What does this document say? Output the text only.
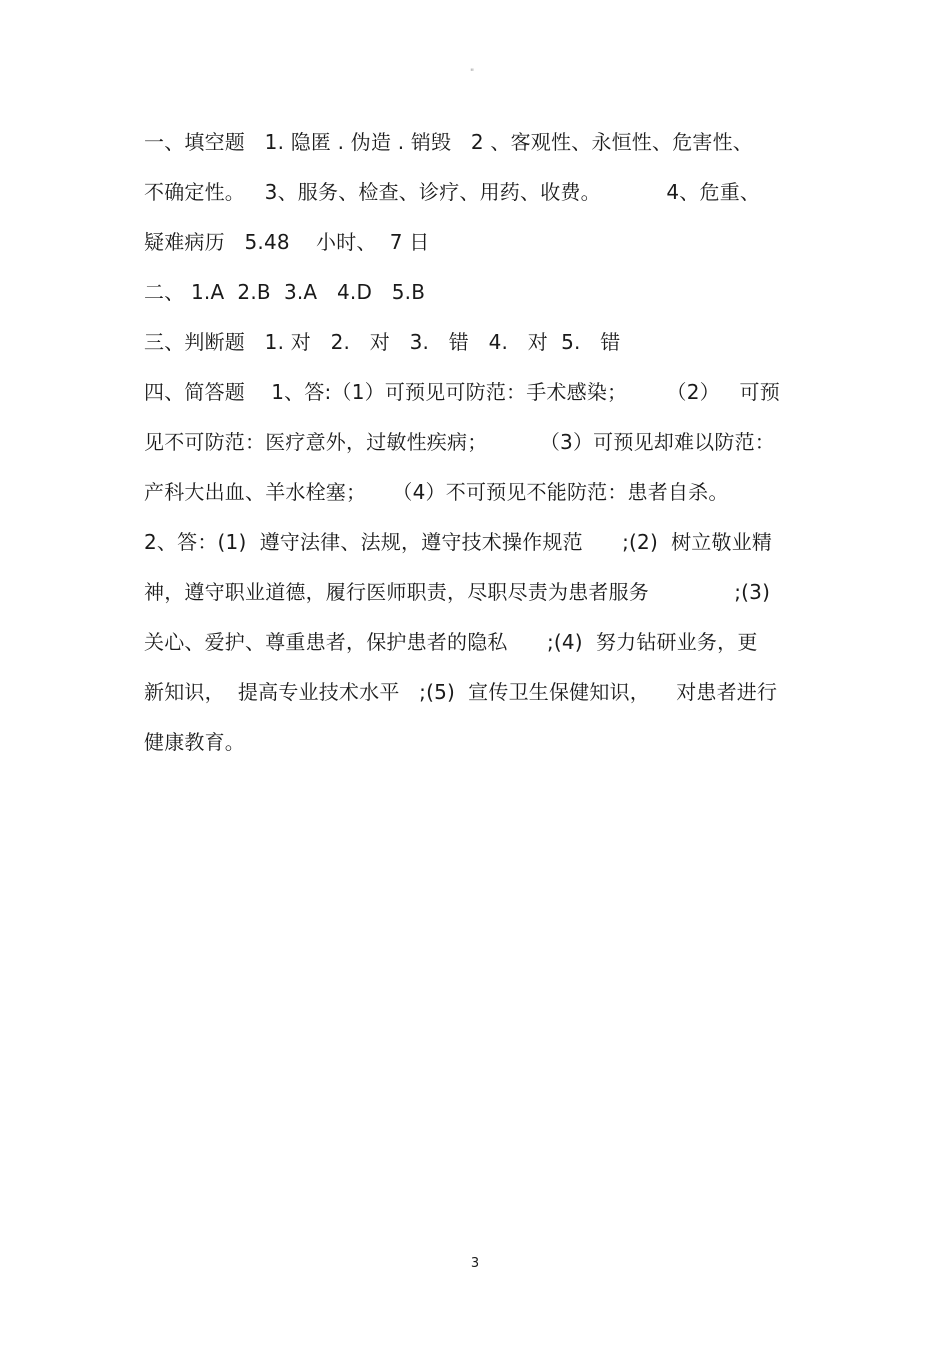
"
一、填空题   1. 隐匿 . 伪造 . 销毁   2 、客观性、永恒性、危害性、
不确定性。   3、服务、检查、诊疗、用药、收费。          4、危重、
疑难病历   5.48    小时、  7 日
二、 1.A  2.B  3.A   4.D   5.B
三、判断题   1. 对   2.   对   3.   错   4.   对  5.   错
四、简答题    1、答:（1）可预见可防范：手术感染；      （2）   可预
见不可防范：医疗意外，过敏性疾病；        （3）可预见却难以防范：
产科大出血、羊水栓塞；    （4）不可预见不能防范：患者自杀。
2、答：(1)  遵守法律、法规，遵守技术操作规范      ;(2)  树立敬业精
神，遵守职业道德，履行医师职责，尽职尽责为患者服务             ;(3)
关心、爱护、尊重患者，保护患者的隐私      ;(4)  努力钻研业务，更
新知识，  提高专业技术水平   ;(5)  宣传卫生保健知识，    对患者进行
健康教育。
3
